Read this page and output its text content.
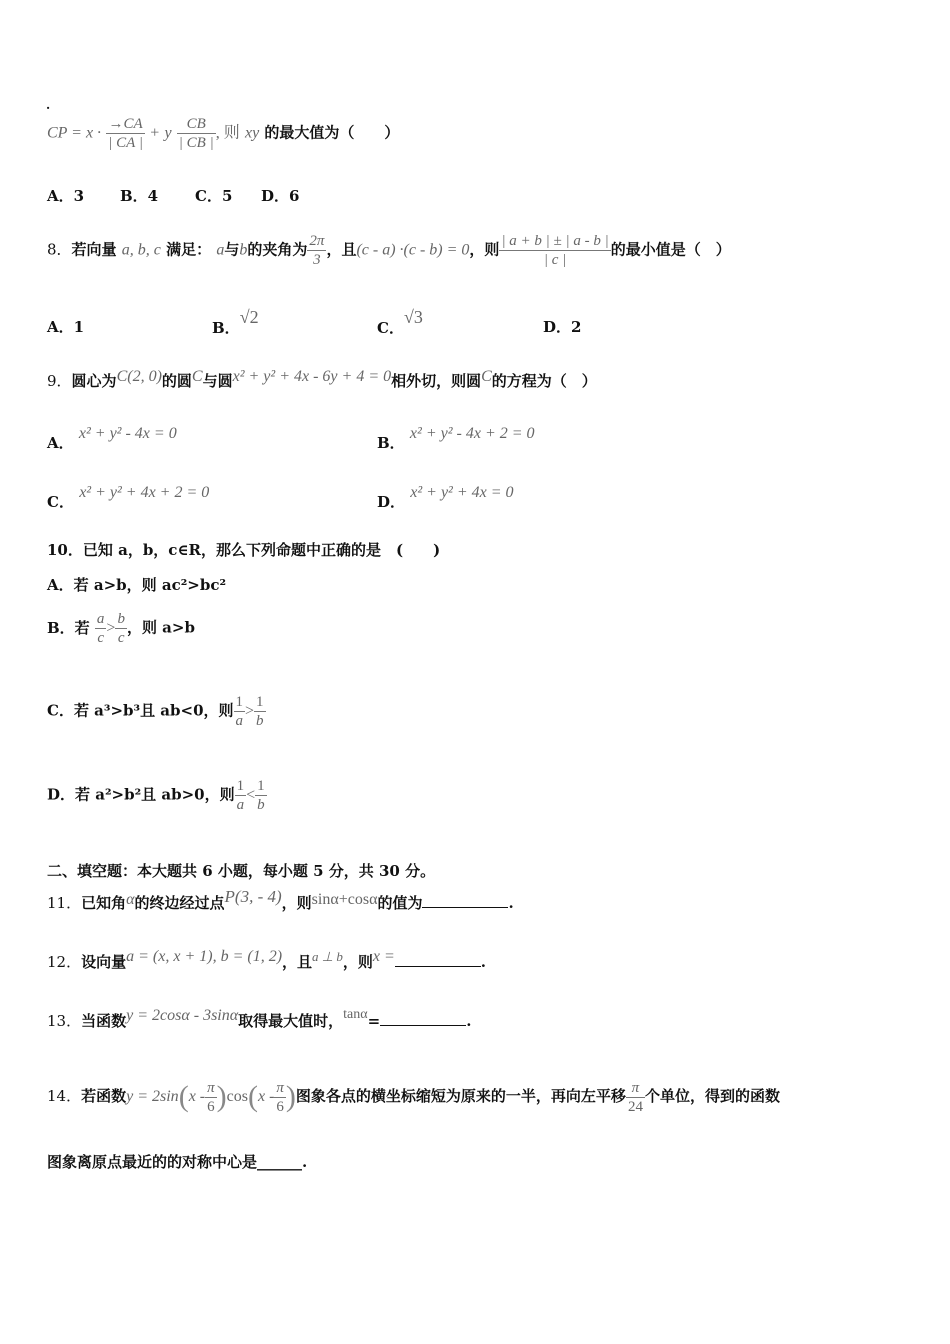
.
CP = $x \cdot \frac{\to CA}{| CA |} + y \frac{CB}{| CB |}$ , 则 xy 的最大值为（　　）
A．3 B．4 C．5 D．6
8．若向量 a, b, c 满足： a与b的夹角为 $\frac{2\pi}{3}$ ，且(c - a) ·(c - b) = 0，则 $\frac{| a + b | \pm | a - b |}{| c |}$ 的最小值是（　）
A．1	B．√2
C．√3	D．2
9．圆心为C(2, 0)的圆C与圆x² + y² + 4x - 6y + 4 = 0相外切，则圆C的方程为（　）
A． x² + y² - 4x = 0
B． x² + y² - 4x + 2 = 0
C． x² + y² + 4x + 2 = 0
D． x² + y² + 4x = 0
10．已知 a，b，c∈R，那么下列命题中正确的是　(　　)
A．若 a>b，则 ac²>bc²
B．若 $\frac{a}{c} > \frac{b}{c}$ ，则 a>b
C．若 a³>b³且 ab<0，则 $\frac{1}{a} > \frac{1}{b}$
D．若 a²>b²且 ab>0，则 $\frac{1}{a} < \frac{1}{b}$
二、填空题：本大题共 6 小题，每小题 5 分，共 30 分。
11．已知角α的终边经过点P(3, - 4)，则sinα+cosα的值为	.
12．设向量a = (x, x + 1), b = (1, 2)，且a ⊥ b，则x =	.
13．当函数y = 2cosα - 3sinα取得最大值时，tanα=	.
14．若函数$y = 2\sin(x - \frac{\pi}{6} )\cos(x - \frac{\pi}{6}$ )图象各点的横坐标缩短为原来的一半，再向左平移 $\frac{\pi}{24}$ 个单位，得到的函数
图象离原点最近的的对称中心是______.
